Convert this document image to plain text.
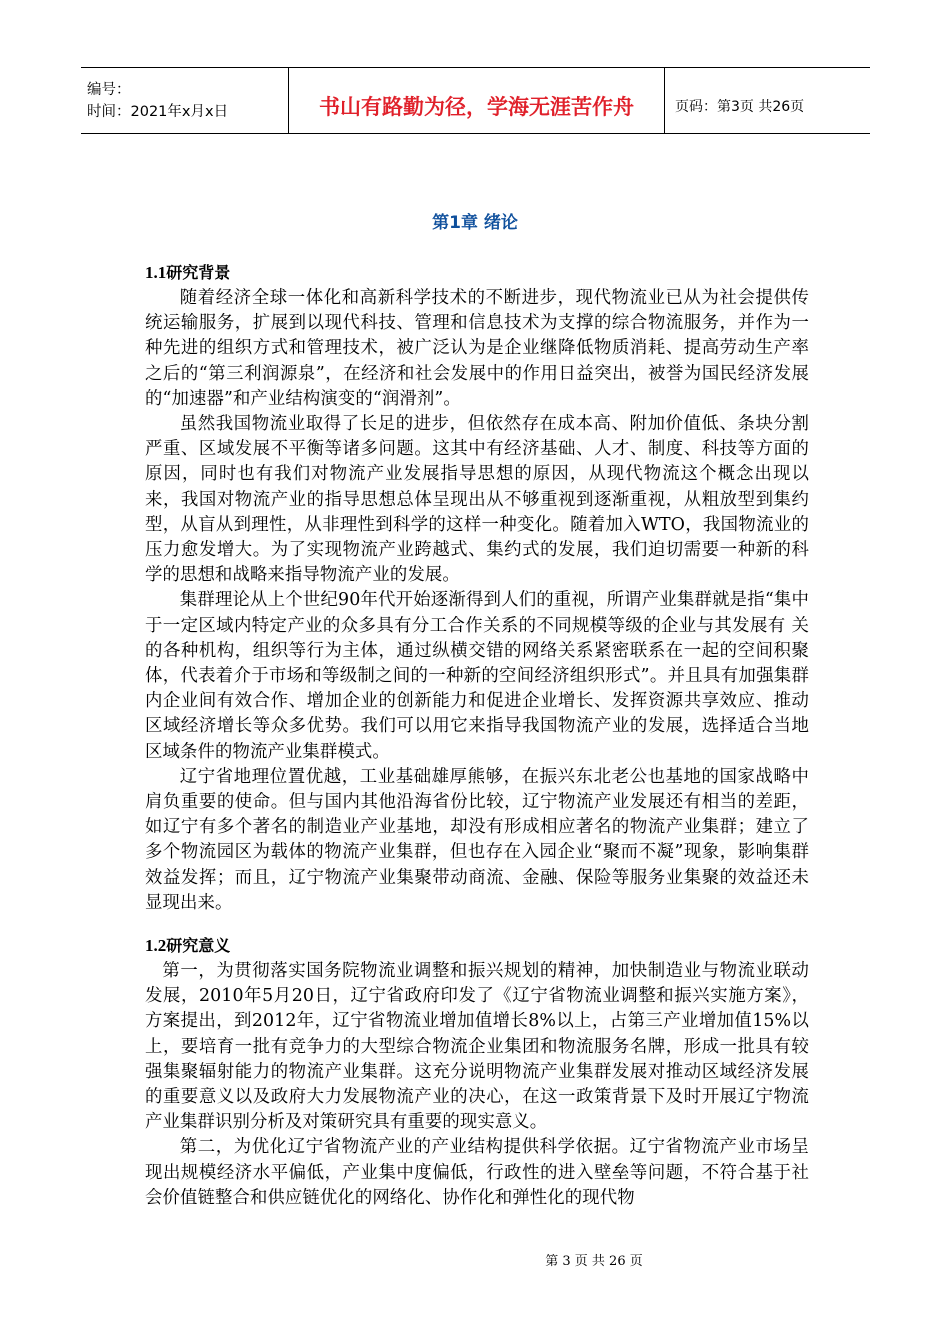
编号：
时间：2021年x月x日	书山有路勤为径，学海无涯苦作舟	页码：第3页 共26页
第1章 绪论
1.1研究背景

随着经济全球一体化和高新科学技术的不断进步，现代物流业已从为社会提供传统运输服务，扩展到以现代科技、管理和信息技术为支撑的综合物流服务，并作为一种先进的组织方式和管理技术，被广泛认为是企业继降低物质消耗、提高劳动生产率之后的“第三利润源泉”，在经济和社会发展中的作用日益突出，被誉为国民经济发展的“加速器”和产业结构演变的“润滑剂”。

虽然我国物流业取得了长足的进步，但依然存在成本高、附加价值低、条块分割严重、区域发展不平衡等诸多问题。这其中有经济基础、人才、制度、科技等方面的原因，同时也有我们对物流产业发展指导思想的原因，从现代物流这个概念出现以来，我国对物流产业的指导思想总体呈现出从不够重视到逐渐重视，从粗放型到集约型，从盲从到理性，从非理性到科学的这样一种变化。随着加入WTO，我国物流业的压力愈发增大。为了实现物流产业跨越式、集约式的发展，我们迫切需要一种新的科学的思想和战略来指导物流产业的发展。

集群理论从上个世纪90年代开始逐渐得到人们的重视，所谓产业集群就是指“集中于一定区域内特定产业的众多具有分工合作关系的不同规模等级的企业与其发展有 关的各种机构，组织等行为主体，通过纵横交错的网络关系紧密联系在一起的空间积聚体，代表着介于市场和等级制之间的一种新的空间经济组织形式”。并且具有加强集群内企业间有效合作、增加企业的创新能力和促进企业增长、发挥资源共享效应、推动区域经济增长等众多优势。我们可以用它来指导我国物流产业的发展，选择适合当地区域条件的物流产业集群模式。

辽宁省地理位置优越，工业基础雄厚熊够，在振兴东北老公也基地的国家战略中肩负重要的使命。但与国内其他沿海省份比较，辽宁物流产业发展还有相当的差距，如辽宁有多个著名的制造业产业基地，却没有形成相应著名的物流产业集群；建立了多个物流园区为载体的物流产业集群，但也存在入园企业“聚而不凝”现象，影响集群效益发挥；而且，辽宁物流产业集聚带动商流、金融、保险等服务业集聚的效益还未显现出来。

1.2研究意义

第一，为贯彻落实国务院物流业调整和振兴规划的精神，加快制造业与物流业联动发展，2010年5月20日，辽宁省政府印发了《辽宁省物流业调整和振兴实施方案》，方案提出，到2012年，辽宁省物流业增加值增长8%以上，占第三产业增加值15%以上，要培育一批有竞争力的大型综合物流企业集团和物流服务名牌，形成一批具有较强集聚辐射能力的物流产业集群。这充分说明物流产业集群发展对推动区域经济发展的重要意义以及政府大力发展物流产业的决心，在这一政策背景下及时开展辽宁物流产业集群识别分析及对策研究具有重要的现实意义。

第二，为优化辽宁省物流产业的产业结构提供科学依据。辽宁省物流产业市场呈现出规模经济水平偏低，产业集中度偏低，行政性的进入壁垒等问题，不符合基于社会价值链整合和供应链优化的网络化、协作化和弹性化的现代物

第 3 页 共 26 页
